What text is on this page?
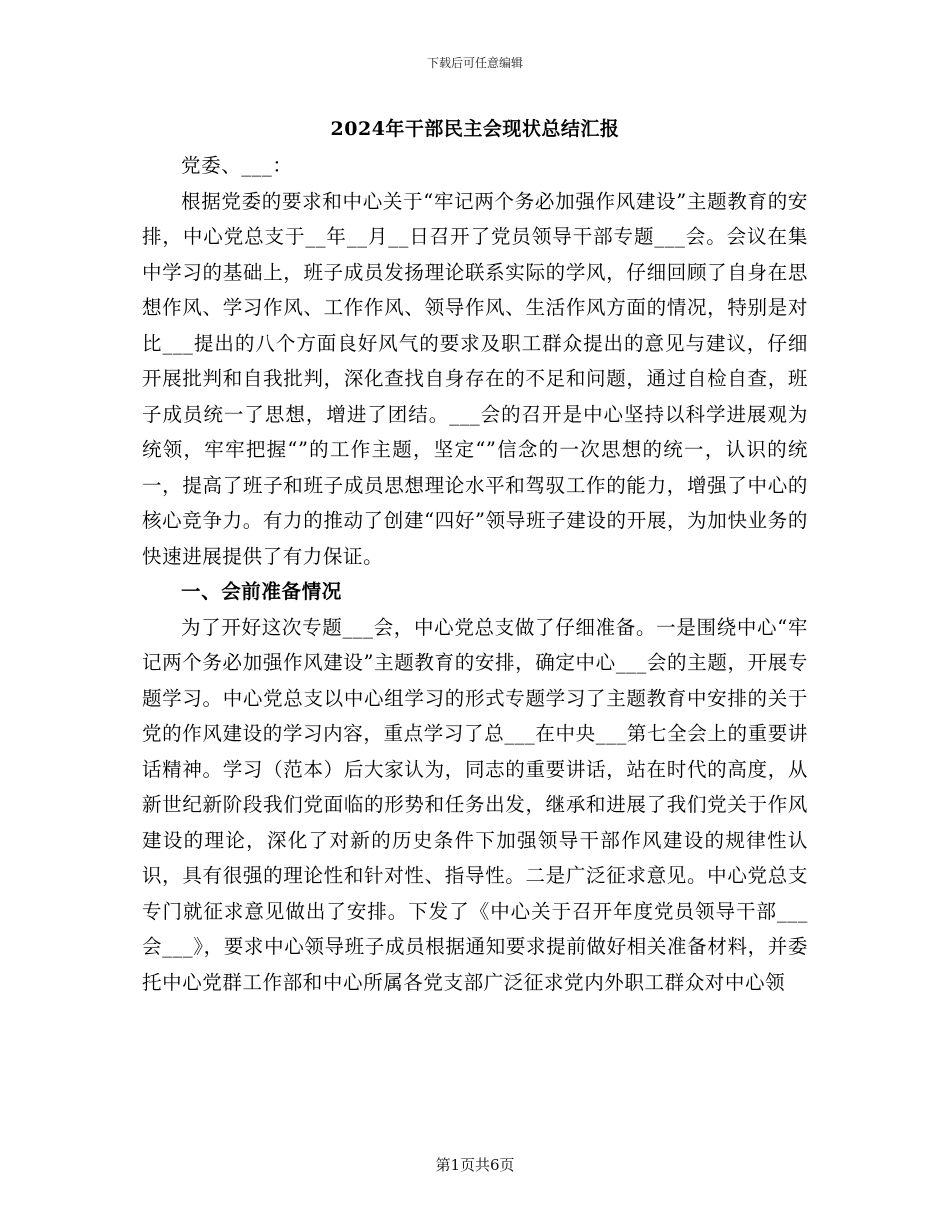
下载后可任意编辑
2024年干部民主会现状总结汇报

党委、___：

根据党委的要求和中心关于“牢记两个务必加强作风建设”主题教育的安排，中心党总支于__年__月__日召开了党员领导干部专题___会。会议在集中学习的基础上，班子成员发扬理论联系实际的学风，仔细回顾了自身在思想作风、学习作风、工作作风、领导作风、生活作风方面的情况，特别是对比___提出的八个方面良好风气的要求及职工群众提出的意见与建议，仔细开展批判和自我批判，深化查找自身存在的不足和问题，通过自检自查，班子成员统一了思想，增进了团结。___会的召开是中心坚持以科学进展观为统领，牢牢把握“”的工作主题，坚定“”信念的一次思想的统一，认识的统一，提高了班子和班子成员思想理论水平和驾驭工作的能力，增强了中心的核心竞争力。有力的推动了创建“四好”领导班子建设的开展，为加快业务的快速进展提供了有力保证。

一、会前准备情况

为了开好这次专题___会，中心党总支做了仔细准备。一是围绕中心“牢记两个务必加强作风建设”主题教育的安排，确定中心___会的主题，开展专题学习。中心党总支以中心组学习的形式专题学习了主题教育中安排的关于党的作风建设的学习内容，重点学习了总___在中央___第七全会上的重要讲话精神。学习（范本）后大家认为，同志的重要讲话，站在时代的高度，从新世纪新阶段我们党面临的形势和任务出发，继承和进展了我们党关于作风建设的理论，深化了对新的历史条件下加强领导干部作风建设的规律性认识，具有很强的理论性和针对性、指导性。二是广泛征求意见。中心党总支专门就征求意见做出了安排。下发了《中心关于召开年度党员领导干部___会___》，要求中心领导班子成员根据通知要求提前做好相关准备材料，并委托中心党群工作部和中心所属各党支部广泛征求党内外职工群众对中心领

第1页共6页
